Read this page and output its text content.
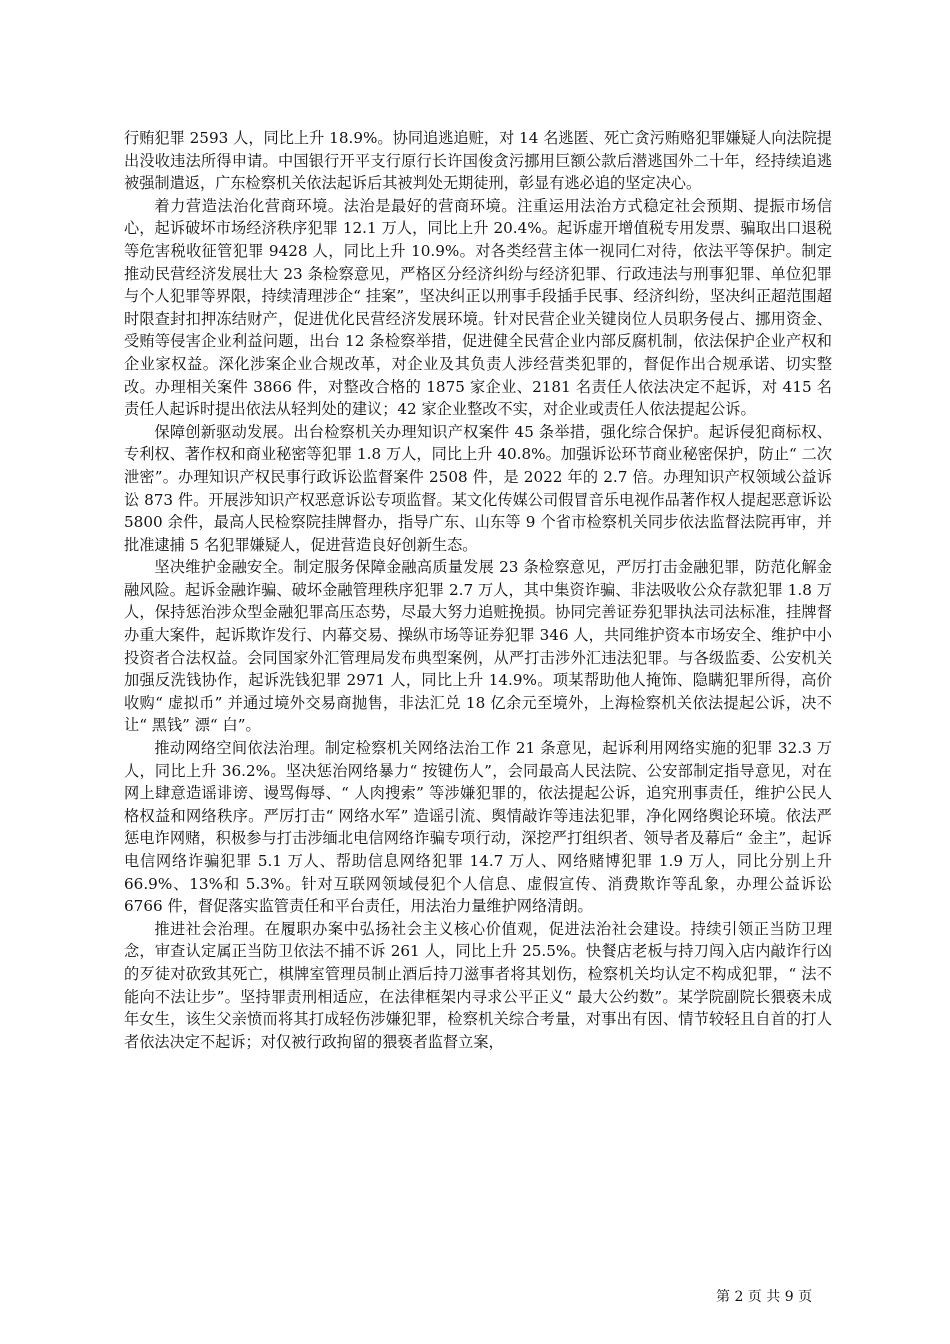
行贿犯罪 2593 人，同比上升 18.9%。协同追逃追赃，对 14 名逃匿、死亡贪污贿赂犯罪嫌疑人向法院提出没收违法所得申请。中国银行开平支行原行长许国俊贪污挪用巨额公款后潜逃国外二十年，经持续追逃被强制遣返，广东检察机关依法起诉后其被判处无期徒刑，彰显有逃必追的坚定决心。

着力营造法治化营商环境。法治是最好的营商环境。注重运用法治方式稳定社会预期、提振市场信心，起诉破坏市场经济秩序犯罪 12.1 万人，同比上升 20.4%。起诉虚开增值税专用发票、骗取出口退税等危害税收征管犯罪 9428 人，同比上升 10.9%。对各类经营主体一视同仁对待，依法平等保护。制定推动民营经济发展壮大 23 条检察意见，严格区分经济纠纷与经济犯罪、行政违法与刑事犯罪、单位犯罪与个人犯罪等界限，持续清理涉企“ 挂案”，坚决纠正以刑事手段插手民事、经济纠纷，坚决纠正超范围超时限查封扣押冻结财产，促进优化民营经济发展环境。针对民营企业关键岗位人员职务侵占、挪用资金、受贿等侵害企业利益问题，出台 12 条检察举措，促进健全民营企业内部反腐机制，依法保护企业产权和企业家权益。深化涉案企业合规改革，对企业及其负责人涉经营类犯罪的，督促作出合规承诺、切实整改。办理相关案件 3866 件，对整改合格的 1875 家企业、2181 名责任人依法决定不起诉，对 415 名责任人起诉时提出依法从轻判处的建议；42 家企业整改不实，对企业或责任人依法提起公诉。

保障创新驱动发展。出台检察机关办理知识产权案件 45 条举措，强化综合保护。起诉侵犯商标权、专利权、著作权和商业秘密等犯罪 1.8 万人，同比上升 40.8%。加强诉讼环节商业秘密保护，防止“ 二次泄密”。办理知识产权民事行政诉讼监督案件 2508 件，是 2022 年的 2.7 倍。办理知识产权领域公益诉讼 873 件。开展涉知识产权恶意诉讼专项监督。某文化传媒公司假冒音乐电视作品著作权人提起恶意诉讼 5800 余件，最高人民检察院挂牌督办，指导广东、山东等 9 个省市检察机关同步依法监督法院再审，并批准逮捕 5 名犯罪嫌疑人，促进营造良好创新生态。

坚决维护金融安全。制定服务保障金融高质量发展 23 条检察意见，严厉打击金融犯罪，防范化解金融风险。起诉金融诈骗、破坏金融管理秩序犯罪 2.7 万人，其中集资诈骗、非法吸收公众存款犯罪 1.8 万人，保持惩治涉众型金融犯罪高压态势，尽最大努力追赃挽损。协同完善证券犯罪执法司法标准，挂牌督办重大案件，起诉欺诈发行、内幕交易、操纵市场等证券犯罪 346 人，共同维护资本市场安全、维护中小投资者合法权益。会同国家外汇管理局发布典型案例，从严打击涉外汇违法犯罪。与各级监委、公安机关加强反洗钱协作，起诉洗钱犯罪 2971 人，同比上升 14.9%。项某帮助他人掩饰、隐瞒犯罪所得，高价收购“ 虚拟币” 并通过境外交易商抛售，非法汇兑 18 亿余元至境外，上海检察机关依法提起公诉，决不让“ 黑钱” 漂“ 白”。

推动网络空间依法治理。制定检察机关网络法治工作 21 条意见，起诉利用网络实施的犯罪 32.3 万人，同比上升 36.2%。坚决惩治网络暴力“ 按键伤人”，会同最高人民法院、公安部制定指导意见，对在网上肆意造谣诽谤、谩骂侮辱、“ 人肉搜索” 等涉嫌犯罪的，依法提起公诉，追究刑事责任，维护公民人格权益和网络秩序。严厉打击“ 网络水军” 造谣引流、舆情敲诈等违法犯罪，净化网络舆论环境。依法严惩电诈网赌，积极参与打击涉缅北电信网络诈骗专项行动，深挖严打组织者、领导者及幕后“ 金主”，起诉电信网络诈骗犯罪 5.1 万人、帮助信息网络犯罪 14.7 万人、网络赌博犯罪 1.9 万人，同比分别上升 66.9%、13%和 5.3%。针对互联网领域侵犯个人信息、虚假宣传、消费欺诈等乱象，办理公益诉讼 6766 件，督促落实监管责任和平台责任，用法治力量维护网络清朗。

推进社会治理。在履职办案中弘扬社会主义核心价值观，促进法治社会建设。持续引领正当防卫理念，审查认定属正当防卫依法不捕不诉 261 人，同比上升 25.5%。快餐店老板与持刀闯入店内敲诈行凶的歹徒对砍致其死亡，棋牌室管理员制止酒后持刀滋事者将其划伤，检察机关均认定不构成犯罪，“ 法不能向不法让步”。坚持罪责刑相适应，在法律框架内寻求公平正义“ 最大公约数”。某学院副院长猥亵未成年女生，该生父亲愤而将其打成轻伤涉嫌犯罪，检察机关综合考量，对事出有因、情节较轻且自首的打人者依法决定不起诉；对仅被行政拘留的猥亵者监督立案，

第 2 页 共 9 页
